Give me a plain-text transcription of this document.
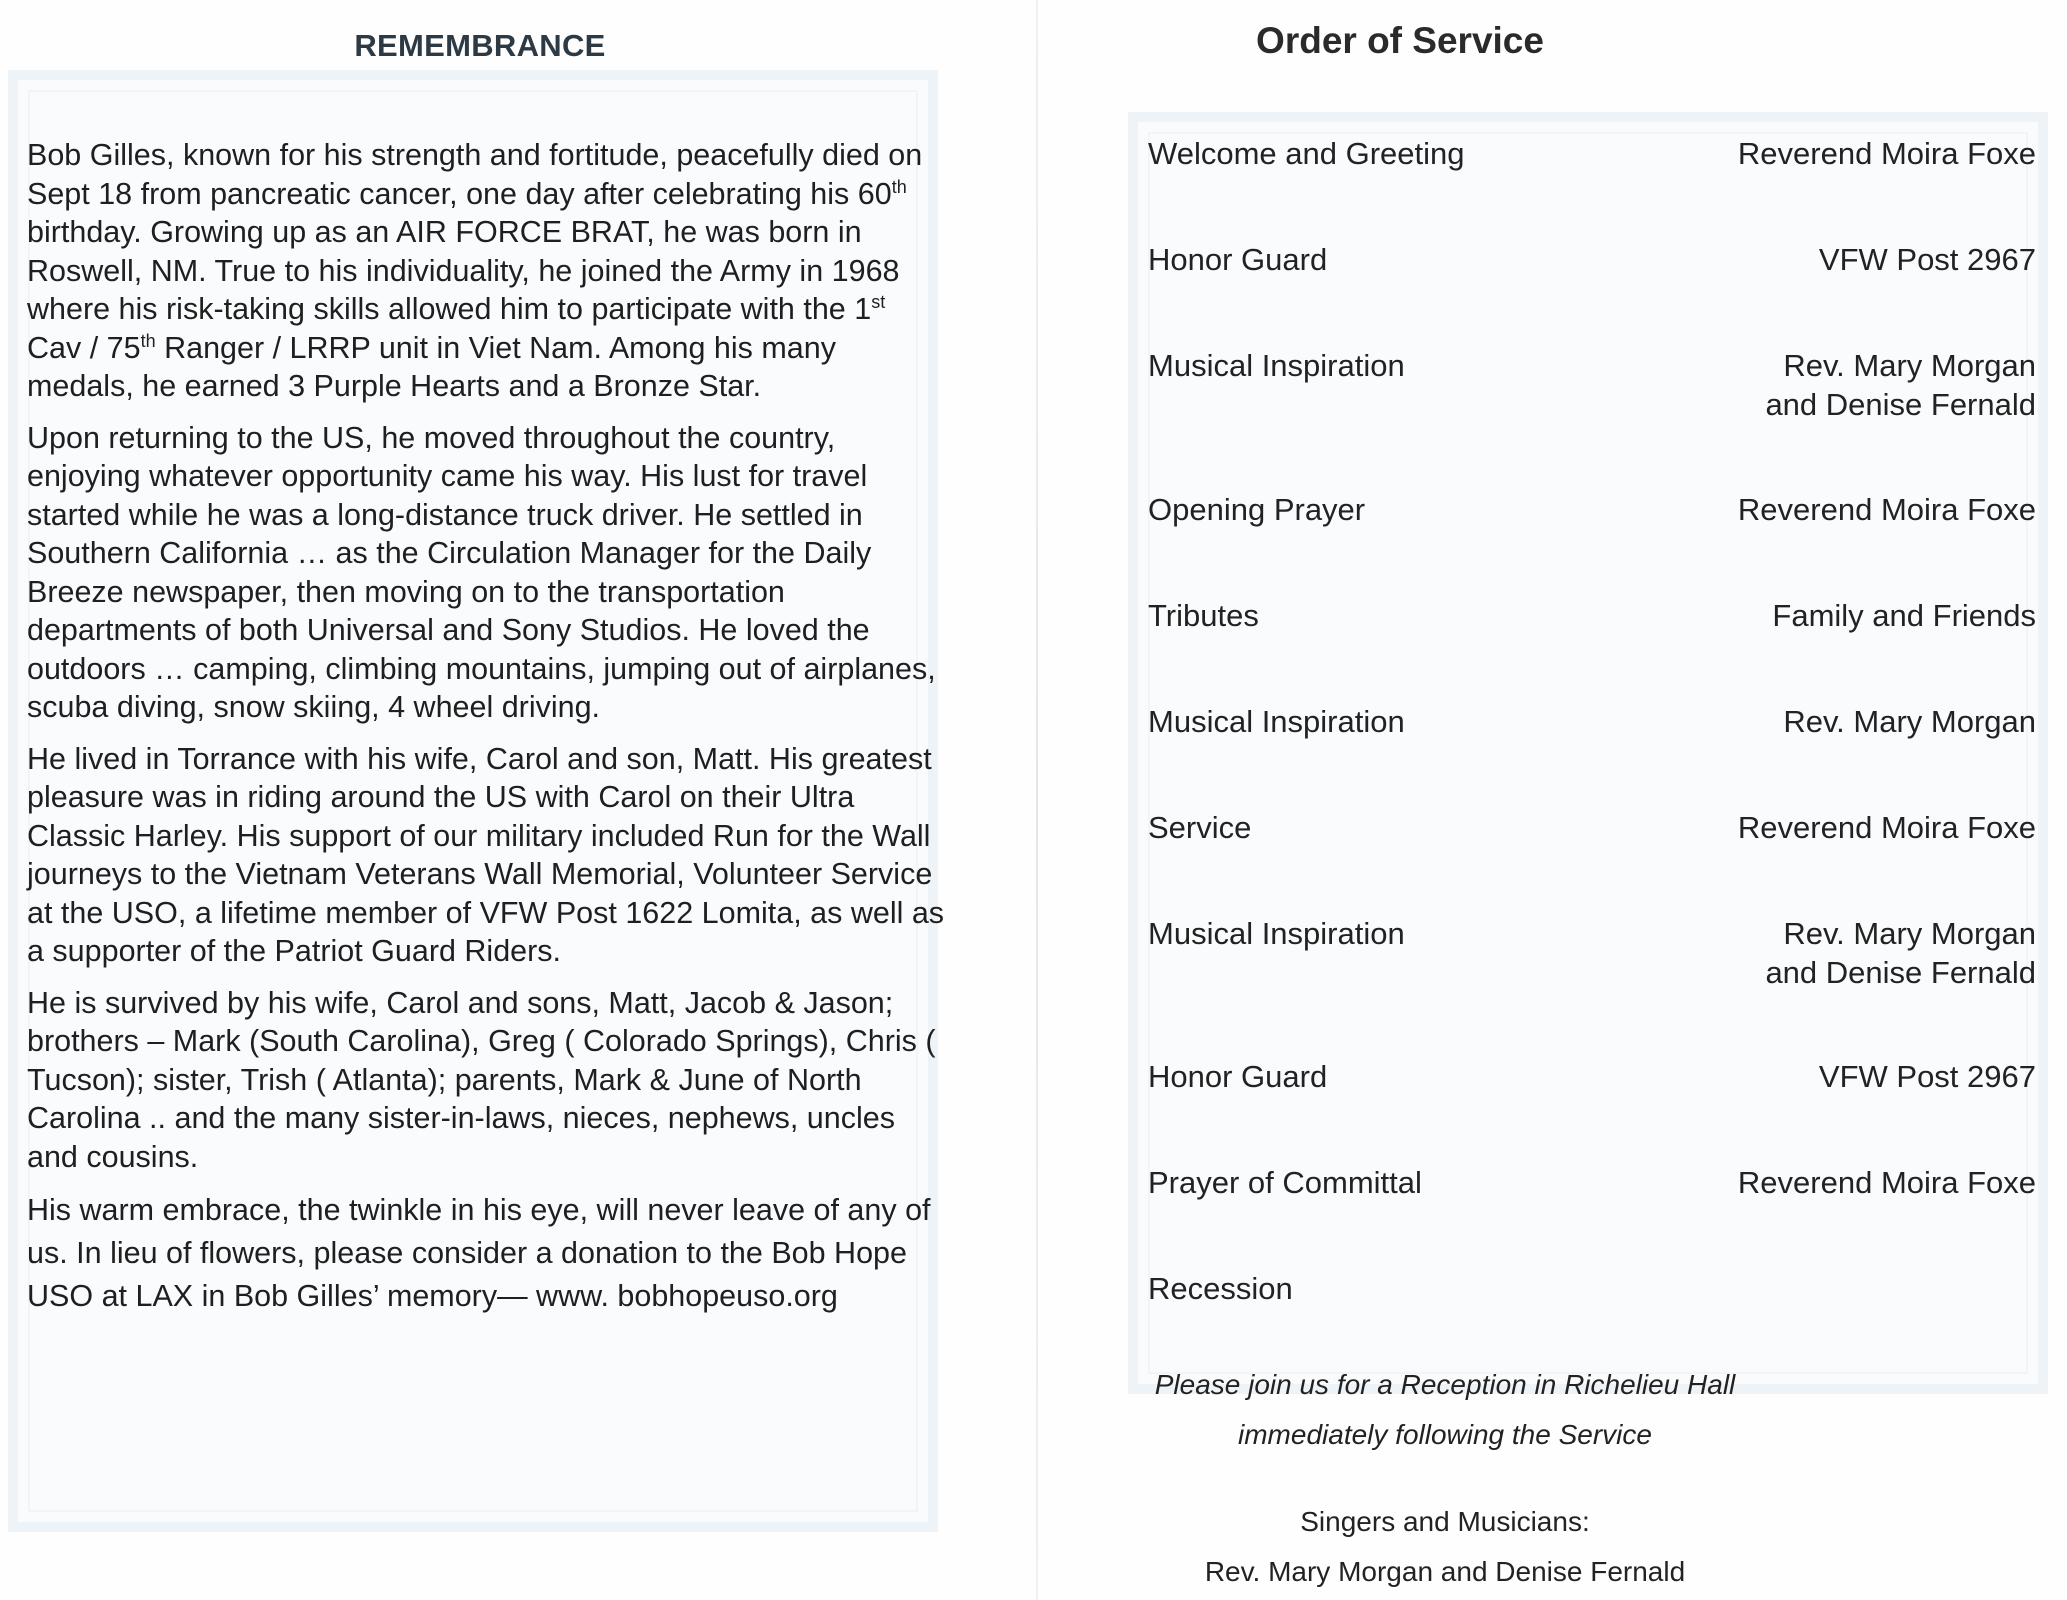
REMEMBRANCE

Bob Gilles, known for his strength and fortitude, peacefully died on Sept 18 from pancreatic cancer, one day after celebrating his 60th birthday. Growing up as an AIR FORCE BRAT, he was born in Roswell, NM. True to his individuality, he joined the Army in 1968 where his risk-taking skills allowed him to participate with the 1st Cav / 75th Ranger / LRRP unit in Viet Nam. Among his many medals, he earned 3 Purple Hearts and a Bronze Star.

Upon returning to the US, he moved throughout the country, enjoying whatever opportunity came his way. His lust for travel started while he was a long-distance truck driver. He settled in Southern California … as the Circulation Manager for the Daily Breeze newspaper, then moving on to the transportation departments of both Universal and Sony Studios. He loved the outdoors … camping, climbing mountains, jumping out of airplanes, scuba diving, snow skiing, 4 wheel driving.

He lived in Torrance with his wife, Carol and son, Matt. His greatest pleasure was in riding around the US with Carol on their Ultra Classic Harley. His support of our military included Run for the Wall journeys to the Vietnam Veterans Wall Memorial, Volunteer Service at the USO, a lifetime member of VFW Post 1622 Lomita, as well as a supporter of the Patriot Guard Riders.

He is survived by his wife, Carol and sons, Matt, Jacob & Jason; brothers – Mark (South Carolina), Greg ( Colorado Springs), Chris ( Tucson); sister, Trish ( Atlanta); parents, Mark & June of North Carolina .. and the many sister-in-laws, nieces, nephews, uncles and cousins.

His warm embrace, the twinkle in his eye, will never leave of any of us. In lieu of flowers, please consider a donation to the Bob Hope USO at LAX in Bob Gilles’ memory— www. bobhopeuso.org

Order of Service
Welcome and Greeting	Reverend Moira Foxe
Honor Guard	VFW Post 2967
Musical Inspiration	Rev. Mary Morgan
and Denise Fernald
Opening Prayer	Reverend Moira Foxe
Tributes	Family and Friends
Musical Inspiration	Rev. Mary Morgan
Service	Reverend Moira Foxe
Musical Inspiration	Rev. Mary Morgan
and Denise Fernald
Honor Guard	VFW Post 2967
Prayer of Committal	Reverend Moira Foxe
Recession
Please join us for a Reception in Richelieu Hall
immediately following the Service
Singers and Musicians:
Rev. Mary Morgan and Denise Fernald
